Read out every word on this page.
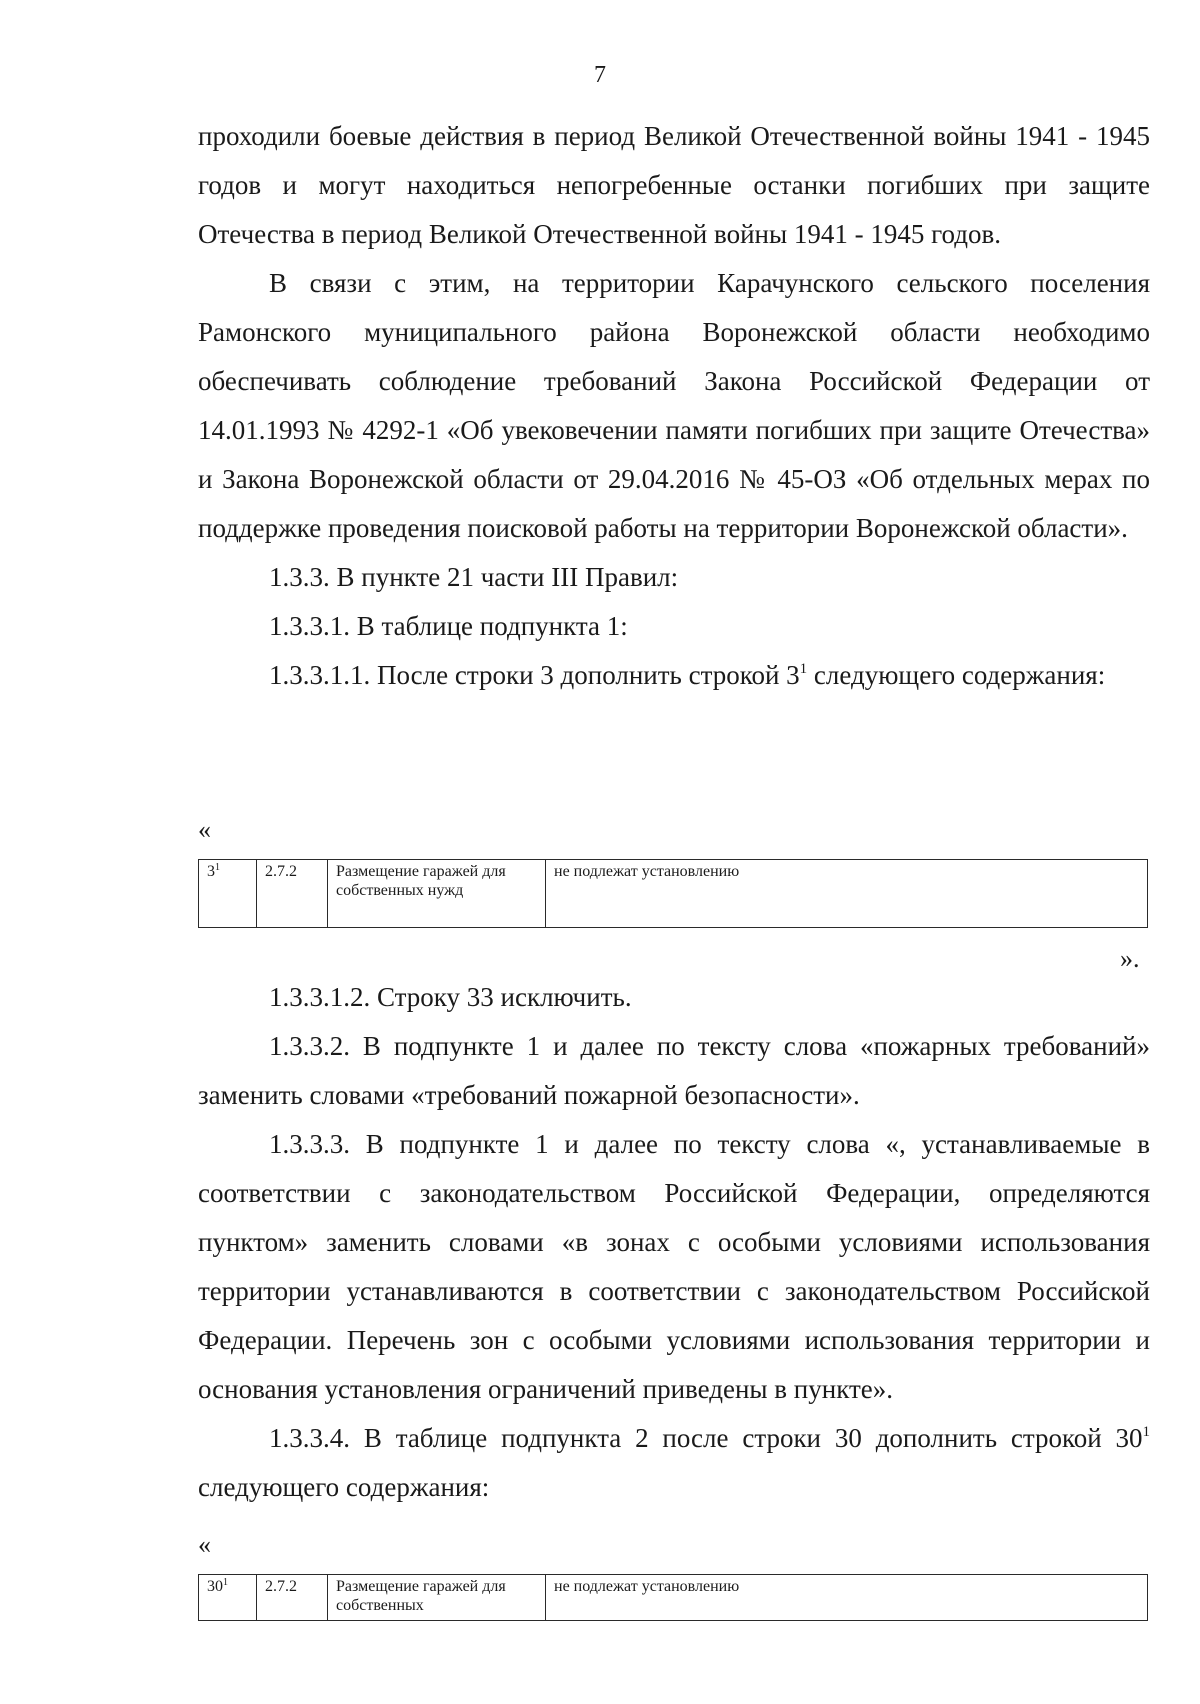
7

проходили боевые действия в период Великой Отечественной войны 1941 - 1945 годов и могут находиться непогребенные останки погибших при защите Отечества в период Великой Отечественной войны 1941 - 1945 годов.

В связи с этим, на территории Карачунского сельского поселения Рамонского муниципального района Воронежской области необходимо обеспечивать соблюдение требований Закона Российской Федерации от 14.01.1993 № 4292-1 «Об увековечении памяти погибших при защите Отечества» и Закона Воронежской области от 29.04.2016 № 45-ОЗ «Об отдельных мерах по поддержке проведения поисковой работы на территории Воронежской области».

1.3.3. В пункте 21 части III Правил:

1.3.3.1. В таблице подпункта 1:

1.3.3.1.1. После строки 3 дополнить строкой $3^1$ следующего содержания:

«
$3^1$	2.7.2	Размещение гаражей для собственных нужд	не подлежат установлению
».

1.3.3.1.2. Строку 33 исключить.

1.3.3.2. В подпункте 1 и далее по тексту слова «пожарных требований» заменить словами «требований пожарной безопасности».

1.3.3.3. В подпункте 1 и далее по тексту слова «, устанавливаемые в соответствии с законодательством Российской Федерации, определяются пунктом» заменить словами «в зонах с особыми условиями использования территории устанавливаются в соответствии с законодательством Российской Федерации. Перечень зон с особыми условиями использования территории и основания установления ограничений приведены в пункте».

1.3.3.4. В таблице подпункта 2 после строки 30 дополнить строкой $30^1$ следующего содержания:

«
$30^1$	2.7.2	Размещение гаражей для собственных	не подлежат установлению
